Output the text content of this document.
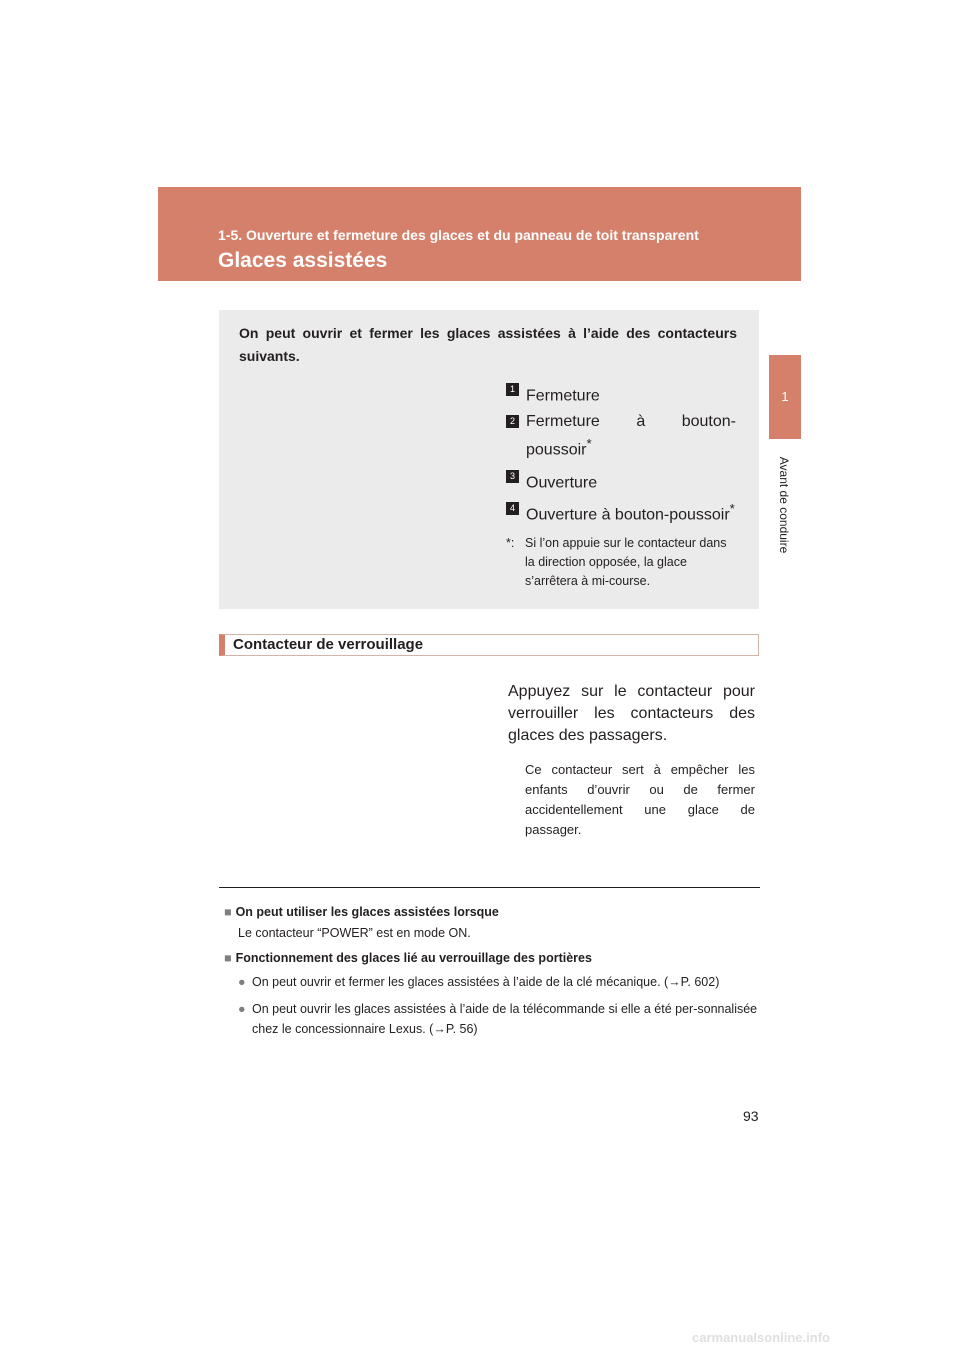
1-5. Ouverture et fermeture des glaces et du panneau de toit transparent
Glaces assistées
1
Avant de conduire
On peut ouvrir et fermer les glaces assistées à l’aide des contacteurs suivants.
1 Fermeture
2 Fermeture à bouton-poussoir*
3 Ouverture
4 Ouverture à bouton-poussoir*
*: Si l’on appuie sur le contacteur dans la direction opposée, la glace s’arrêtera à mi-course.
Contacteur de verrouillage
Appuyez sur le contacteur pour verrouiller les contacteurs des glaces des passagers.
Ce contacteur sert à empêcher les enfants d’ouvrir ou de fermer accidentellement une glace de passager.
■ On peut utiliser les glaces assistées lorsque
Le contacteur “POWER” est en mode ON.
■ Fonctionnement des glaces lié au verrouillage des portières
● On peut ouvrir et fermer les glaces assistées à l’aide de la clé mécanique. (→P. 602)
● On peut ouvrir les glaces assistées à l’aide de la télécommande si elle a été per-sonnalisée chez le concessionnaire Lexus. (→P. 56)
93
carmanualsonline.info
